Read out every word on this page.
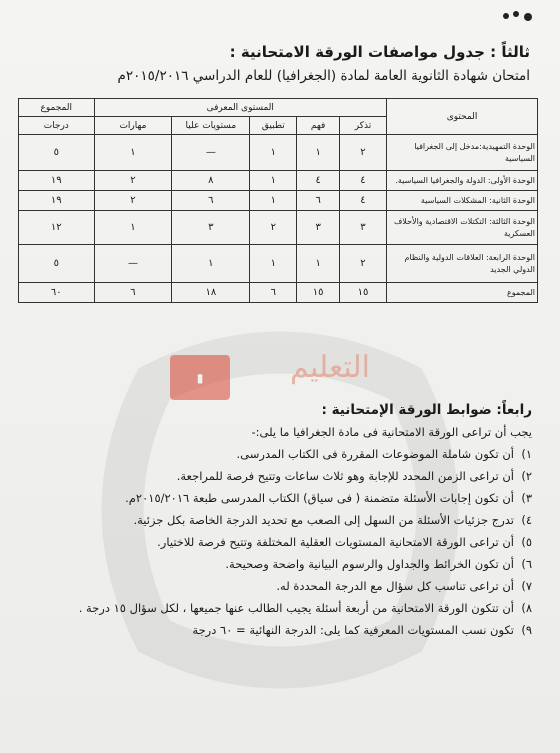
ثالثاً : جدول مواصفات الورقة الامتحانية :
امتحان شهادة الثانوية العامة لمادة (الجغرافيا) للعام الدراسي ٢٠١٥/٢٠١٦م
المحتوى	المستوى المعرفى					المجموع
	تذكر	فهم	تطبيق	مستويات عليا	مهارات	درجات
الوحدة التمهيدية:مدخل إلى الجغرافيا السياسية	٢	١	١	—	١	٥
الوحدة الأولى: الدولة والجغرافيا السياسية.	٤	٤	١	٨	٢	١٩
الوحدة الثانية: المشكلات السياسية	٤	٦	١	٦	٢	١٩
الوحدة الثالثة: التكتلات الاقتصادية والأحلاف العسكرية	٣	٣	٢	٣	١	١٢
الوحدة الرابعة: العلاقات الدولية والنظام الدولي الجديد	٢	١	١	١	—	٥
المجموع	١٥	١٥	٦	١٨	٦	٦٠
▮	التعليم
رابعاً: ضوابط الورقة الإمتحانية :
يجب أن تراعى الورقة الامتحانية فى مادة الجغرافيا ما يلى:-
١)أن تكون شاملة الموضوعات المقررة فى الكتاب المدرسى.
٢)أن تراعى الزمن المحدد للإجابة وهو ثلاث ساعات وتتيح فرصة للمراجعة.
٣)أن تكون إجابات الأسئلة متضمنة ( فى سياق) الكتاب المدرسى طبعة ٢٠١٥/٢٠١٦م.
٤)تدرج جزئيات الأسئلة من السهل إلى الصعب مع تحديد الدرجة الخاصة بكل جزئية.
٥)أن تراعى الورقة الامتحانية المستويات العقلية المختلفة وتتيح فرصة للاختيار.
٦)أن تكون الخرائط والجداول والرسوم البيانية واضحة وصحيحة.
٧)أن تراعى تناسب كل سؤال مع الدرجة المحددة له.
٨)أن تتكون الورقة الامتحانية من أربعة أسئلة يجيب الطالب عنها جميعها ، لكل سؤال ١٥ درجة .
٩)تكون نسب المستويات المعرفية كما يلى: الدرجة النهائية = ٦٠ درجة
